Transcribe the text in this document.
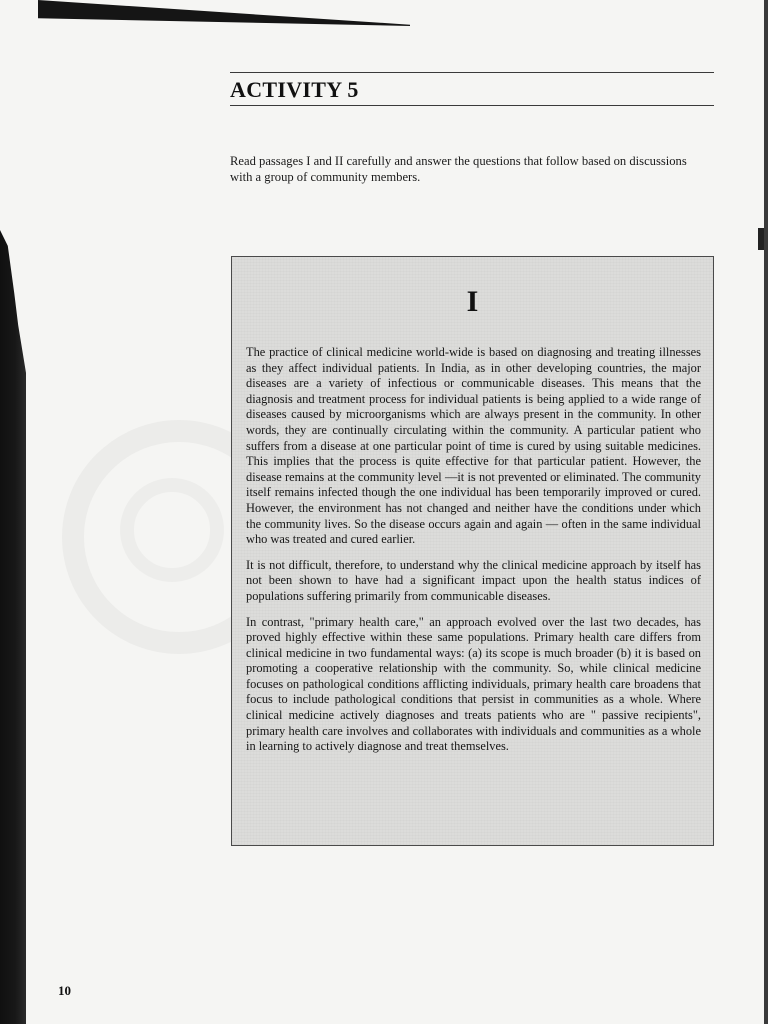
ACTIVITY 5

Read passages I and II carefully and answer the questions that follow based on discussions with a group of community members.

I

The practice of clinical medicine world-wide is based on diagnosing and treating illnesses as they affect individual patients. In India, as in other developing countries, the major diseases are a variety of infectious or communicable diseases. This means that the diagnosis and treatment process for individual patients is being applied to a wide range of diseases caused by microorganisms which are always present in the community. In other words, they are continually circulating within the community. A particular patient who suffers from a disease at one particular point of time is cured by using suitable medicines. This implies that the process is quite effective for that particular patient. However, the disease remains at the community level —it is not prevented or eliminated. The community itself remains infected though the one individual has been temporarily improved or cured. However, the environment has not changed and neither have the conditions under which the community lives. So the disease occurs again and again — often in the same individual who was treated and cured earlier.

It is not difficult, therefore, to understand why the clinical medicine approach by itself has not been shown to have had a significant impact upon the health status indices of populations suffering primarily from communicable diseases.

In contrast, "primary health care," an approach evolved over the last two decades, has proved highly effective within these same populations. Primary health care differs from clinical medicine in two fundamental ways: (a) its scope is much broader (b) it is based on promoting a cooperative relationship with the community. So, while clinical medicine focuses on pathological conditions afflicting individuals, primary health care broadens that focus to include pathological conditions that persist in communities as a whole. Where clinical medicine actively diagnoses and treats patients who are " passive recipients", primary health care involves and collaborates with individuals and communities as a whole in learning to actively diagnose and treat themselves.

10
